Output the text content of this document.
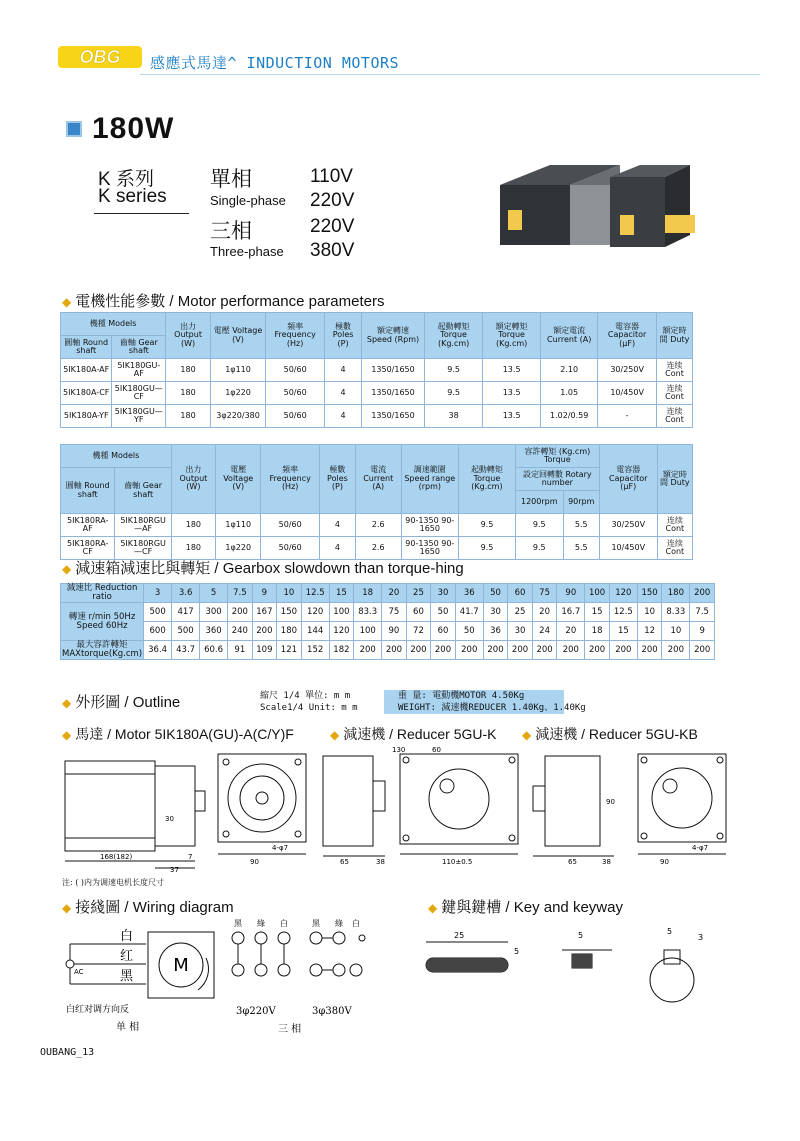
OBG 感應式馬達^ INDUCTION MOTORS
180W
K 系列
K series
單相
Single-phase
三相
Three-phase
110V
220V
220V
380V
◆ 電機性能參數 / Motor performance parameters
機種 Models		出力 Output (W)	電壓 Voltage (V)	頻率 Frequency (Hz)	極數 Poles (P)	額定轉速 Speed (Rpm)	起動轉矩 Torque (Kg.cm)	額定轉矩 Torque (Kg.cm)	額定電流 Current (A)	電容器 Capacitor (μF)	額定時間 Duty
圓軸 Round shaft	齒軸 Gear shaft										
5IK180A-AF	5IK180GU-AF	180	1φ110	50/60	4	1350/1650	9.5	13.5	2.10	30/250V	连续 Cont
5IK180A-CF	5IK180GU—CF	180	1φ220	50/60	4	1350/1650	9.5	13.5	1.05	10/450V	连续 Cont
5IK180A-YF	5IK180GU—YF	180	3φ220/380	50/60	4	1350/1650	38	13.5	1.02/0.59	-	连续 Cont
機種 Models		出力 Output (W)	電壓 Voltage (V)	頻率 Frequency (Hz)	極數 Poles (P)	電流 Current (A)	調速範圍 Speed range (rpm)	起動轉矩 Torque (Kg.cm)	容許轉矩 (Kg.cm) Torque		電容器 Capacitor (μF)	額定時間 Duty
圓軸 Round shaft	齒軸 Gear shaft								設定回轉數 Rotary number			
									1200rpm	90rpm		
5IK180RA-AF	5IK180RGU—AF	180	1φ110	50/60	4	2.6	90-1350 90-1650	9.5	9.5	5.5	30/250V	连续 Cont
5IK180RA-CF	5IK180RGU—CF	180	1φ220	50/60	4	2.6	90-1350 90-1650	9.5	9.5	5.5	10/450V	连续 Cont
◆ 減速箱減速比與轉矩 / Gearbox slowdown than torque-hing
減速比 Reduction ratio	3	3.6	5	7.5	9	10	12.5	15	18	20	25	30	36	50	60	75	90	100	120	150	180	200
轉速 r/min 50Hz
Speed 60Hz	500	417	300	200	167	150	120	100	83.3	75	60	50	41.7	30	25	20	16.7	15	12.5	10	8.33	7.5
	600	500	360	240	200	180	144	120	100	90	72	60	50	36	30	24	20	18	15	12	10	9
最大容許轉矩 MAXtorque(Kg.cm)	36.4	43.7	60.6	91	109	121	152	182	200	200	200	200	200	200	200	200	200	200	200	200	200	200
◆ 外形圖 / Outline	縮尺 1/4 單位: m m
Scale1/4 Unit: m m
重 量: 電動機MOTOR 4.50Kg
WEIGHT: 減速機REDUCER 1.40Kg、1.40Kg
◆ 馬達 / Motor 5IK180A(GU)-A(C/Y)F	◆ 減速機 / Reducer 5GU-K ◆ 減速機 / Reducer 5GU-KB
168(182)
37
7
30
90
4-φ7
65	38	110±0.5
130	60
65	38
90
90
4-φ7
注: ( )内为调速电机长度尺寸
◆ 接綫圖 / Wiring diagram
M
白
红
黑
AC
白红对调方向反
单 相
黑 綠 白	黑 綠 白
3φ220V	3φ380V
三 相
◆ 鍵與鍵槽 / Key and keyway
25
5
5	5
3
OUBANG_13
